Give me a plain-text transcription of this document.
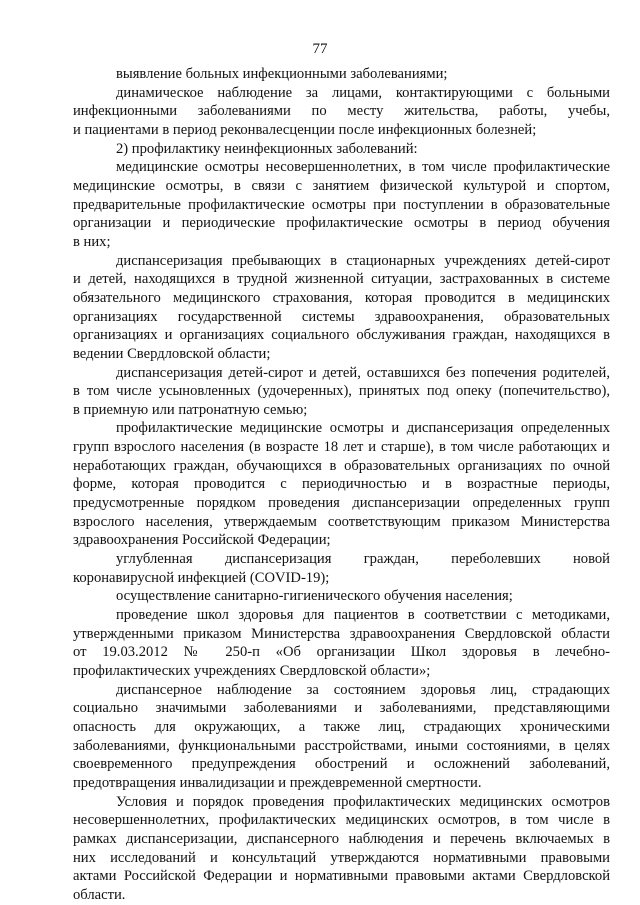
77
выявление больных инфекционными заболеваниями;
динамическое наблюдение за лицами, контактирующими с больными
инфекционными заболеваниями по месту жительства, работы, учебы,
и пациентами в период реконвалесценции после инфекционных болезней;
2) профилактику неинфекционных заболеваний:
медицинские осмотры несовершеннолетних, в том числе профилактические
медицинские осмотры, в связи с занятием физической культурой и спортом,
предварительные профилактические осмотры при поступлении в образовательные
организации и периодические профилактические осмотры в период обучения
в них;
диспансеризация пребывающих в стационарных учреждениях детей-сирот
и детей, находящихся в трудной жизненной ситуации, застрахованных в системе
обязательного медицинского страхования, которая проводится в медицинских
организациях государственной системы здравоохранения, образовательных
организациях и организациях социального обслуживания граждан, находящихся в
ведении Свердловской области;
диспансеризация детей-сирот и детей, оставшихся без попечения родителей,
в том числе усыновленных (удочеренных), принятых под опеку (попечительство),
в приемную или патронатную семью;
профилактические медицинские осмотры и диспансеризация определенных
групп взрослого населения (в возрасте 18 лет и старше), в том числе работающих и
неработающих граждан, обучающихся в образовательных организациях по очной
форме, которая проводится с периодичностью и в возрастные периоды,
предусмотренные порядком проведения диспансеризации определенных групп
взрослого населения, утверждаемым соответствующим приказом Министерства
здравоохранения Российской Федерации;
углубленная диспансеризация граждан, переболевших новой
коронавирусной инфекцией (COVID-19);
осуществление санитарно-гигиенического обучения населения;
проведение школ здоровья для пациентов в соответствии с методиками,
утвержденными приказом Министерства здравоохранения Свердловской области
от 19.03.2012 № 250-п «Об организации Школ здоровья в лечебно-
профилактических учреждениях Свердловской области»;
диспансерное наблюдение за состоянием здоровья лиц, страдающих
социально значимыми заболеваниями и заболеваниями, представляющими
опасность для окружающих, а также лиц, страдающих хроническими
заболеваниями, функциональными расстройствами, иными состояниями, в целях
своевременного предупреждения обострений и осложнений заболеваний,
предотвращения инвалидизации и преждевременной смертности.
Условия и порядок проведения профилактических медицинских осмотров
несовершеннолетних, профилактических медицинских осмотров, в том числе в
рамках диспансеризации, диспансерного наблюдения и перечень включаемых в
них исследований и консультаций утверждаются нормативными правовыми
актами Российской Федерации и нормативными правовыми актами Свердловской
области.
